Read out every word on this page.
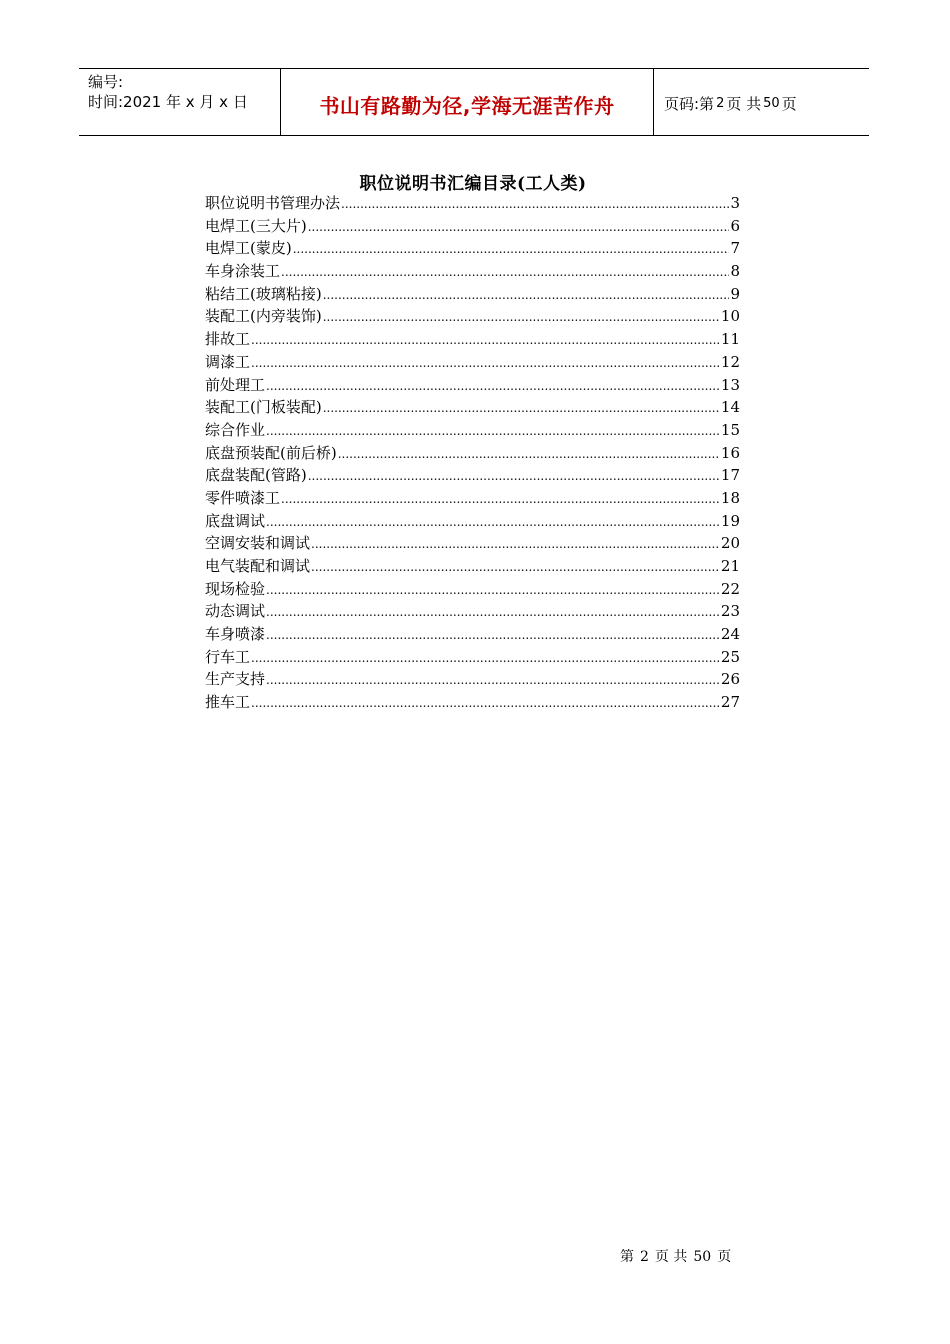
编号:
时间:2021 年 x 月 x 日	书山有路勤为径,学海无涯苦作舟	页码:第 2 页 共 50 页
职位说明书汇编目录(工人类)
职位说明书管理办法 .....	3
电焊工(三大片) .....	6
电焊工(蒙皮) .....	7
车身涂装工 .....	8
粘结工(玻璃粘接) .....	9
装配工(内旁装饰) .....	10
排故工 .....	11
调漆工 .....	12
前处理工 .....	13
装配工(门板装配) .....	14
综合作业 .....	15
底盘预装配(前后桥) .....	16
底盘装配(管路) .....	17
零件喷漆工 .....	18
底盘调试 .....	19
空调安装和调试 .....	20
电气装配和调试 .....	21
现场检验 .....	22
动态调试 .....	23
车身喷漆 .....	24
行车工 .....	25
生产支持 .....	26
推车工 .....	27
第 2 页 共 50 页
